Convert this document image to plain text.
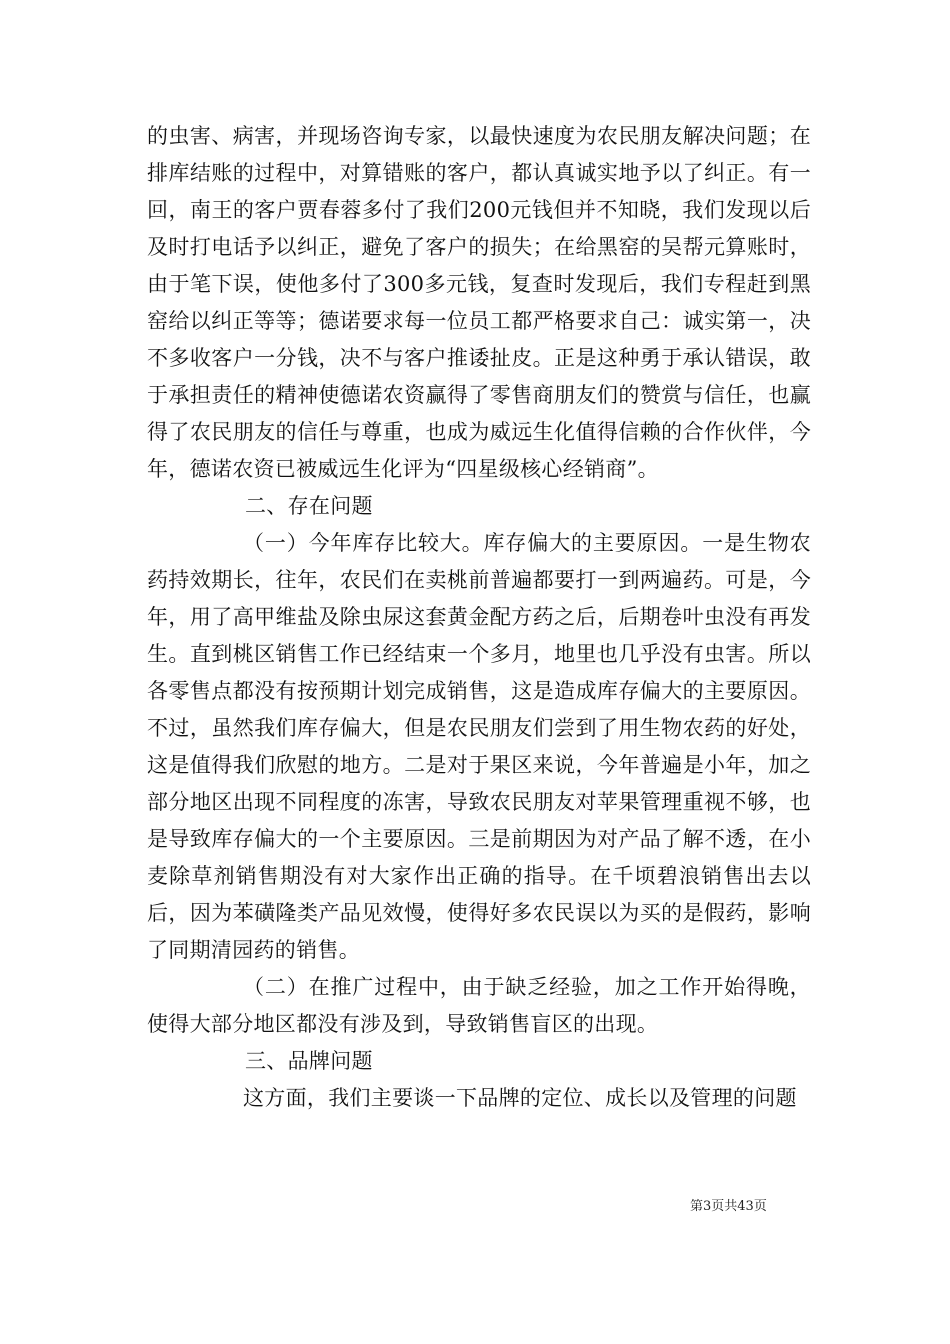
的虫害、病害，并现场咨询专家，以最快速度为农民朋友解决问题；在排库结账的过程中，对算错账的客户，都认真诚实地予以了纠正。有一回，南王的客户贾春蓉多付了我们200元钱但并不知晓，我们发现以后及时打电话予以纠正，避免了客户的损失；在给黑窑的吴帮元算账时，由于笔下误，使他多付了300多元钱，复查时发现后，我们专程赶到黑窑给以纠正等等；德诺要求每一位员工都严格要求自己：诚实第一，决不多收客户一分钱，决不与客户推诿扯皮。正是这种勇于承认错误，敢于承担责任的精神使德诺农资赢得了零售商朋友们的赞赏与信任，也赢得了农民朋友的信任与尊重，也成为威远生化值得信赖的合作伙伴，今年，德诺农资已被威远生化评为“四星级核心经销商”。

二、存在问题

（一）今年库存比较大。库存偏大的主要原因。一是生物农药持效期长，往年，农民们在卖桃前普遍都要打一到两遍药。可是，今年，用了高甲维盐及除虫尿这套黄金配方药之后，后期卷叶虫没有再发生。直到桃区销售工作已经结束一个多月，地里也几乎没有虫害。所以各零售点都没有按预期计划完成销售，这是造成库存偏大的主要原因。不过，虽然我们库存偏大，但是农民朋友们尝到了用生物农药的好处，这是值得我们欣慰的地方。二是对于果区来说，今年普遍是小年，加之部分地区出现不同程度的冻害，导致农民朋友对苹果管理重视不够，也是导致库存偏大的一个主要原因。三是前期因为对产品了解不透，在小麦除草剂销售期没有对大家作出正确的指导。在千顷碧浪销售出去以后，因为苯磺隆类产品见效慢，使得好多农民误以为买的是假药，影响了同期清园药的销售。

（二）在推广过程中，由于缺乏经验，加之工作开始得晚，使得大部分地区都没有涉及到，导致销售盲区的出现。

三、品牌问题

这方面，我们主要谈一下品牌的定位、成长以及管理的问题

第3页共43页
